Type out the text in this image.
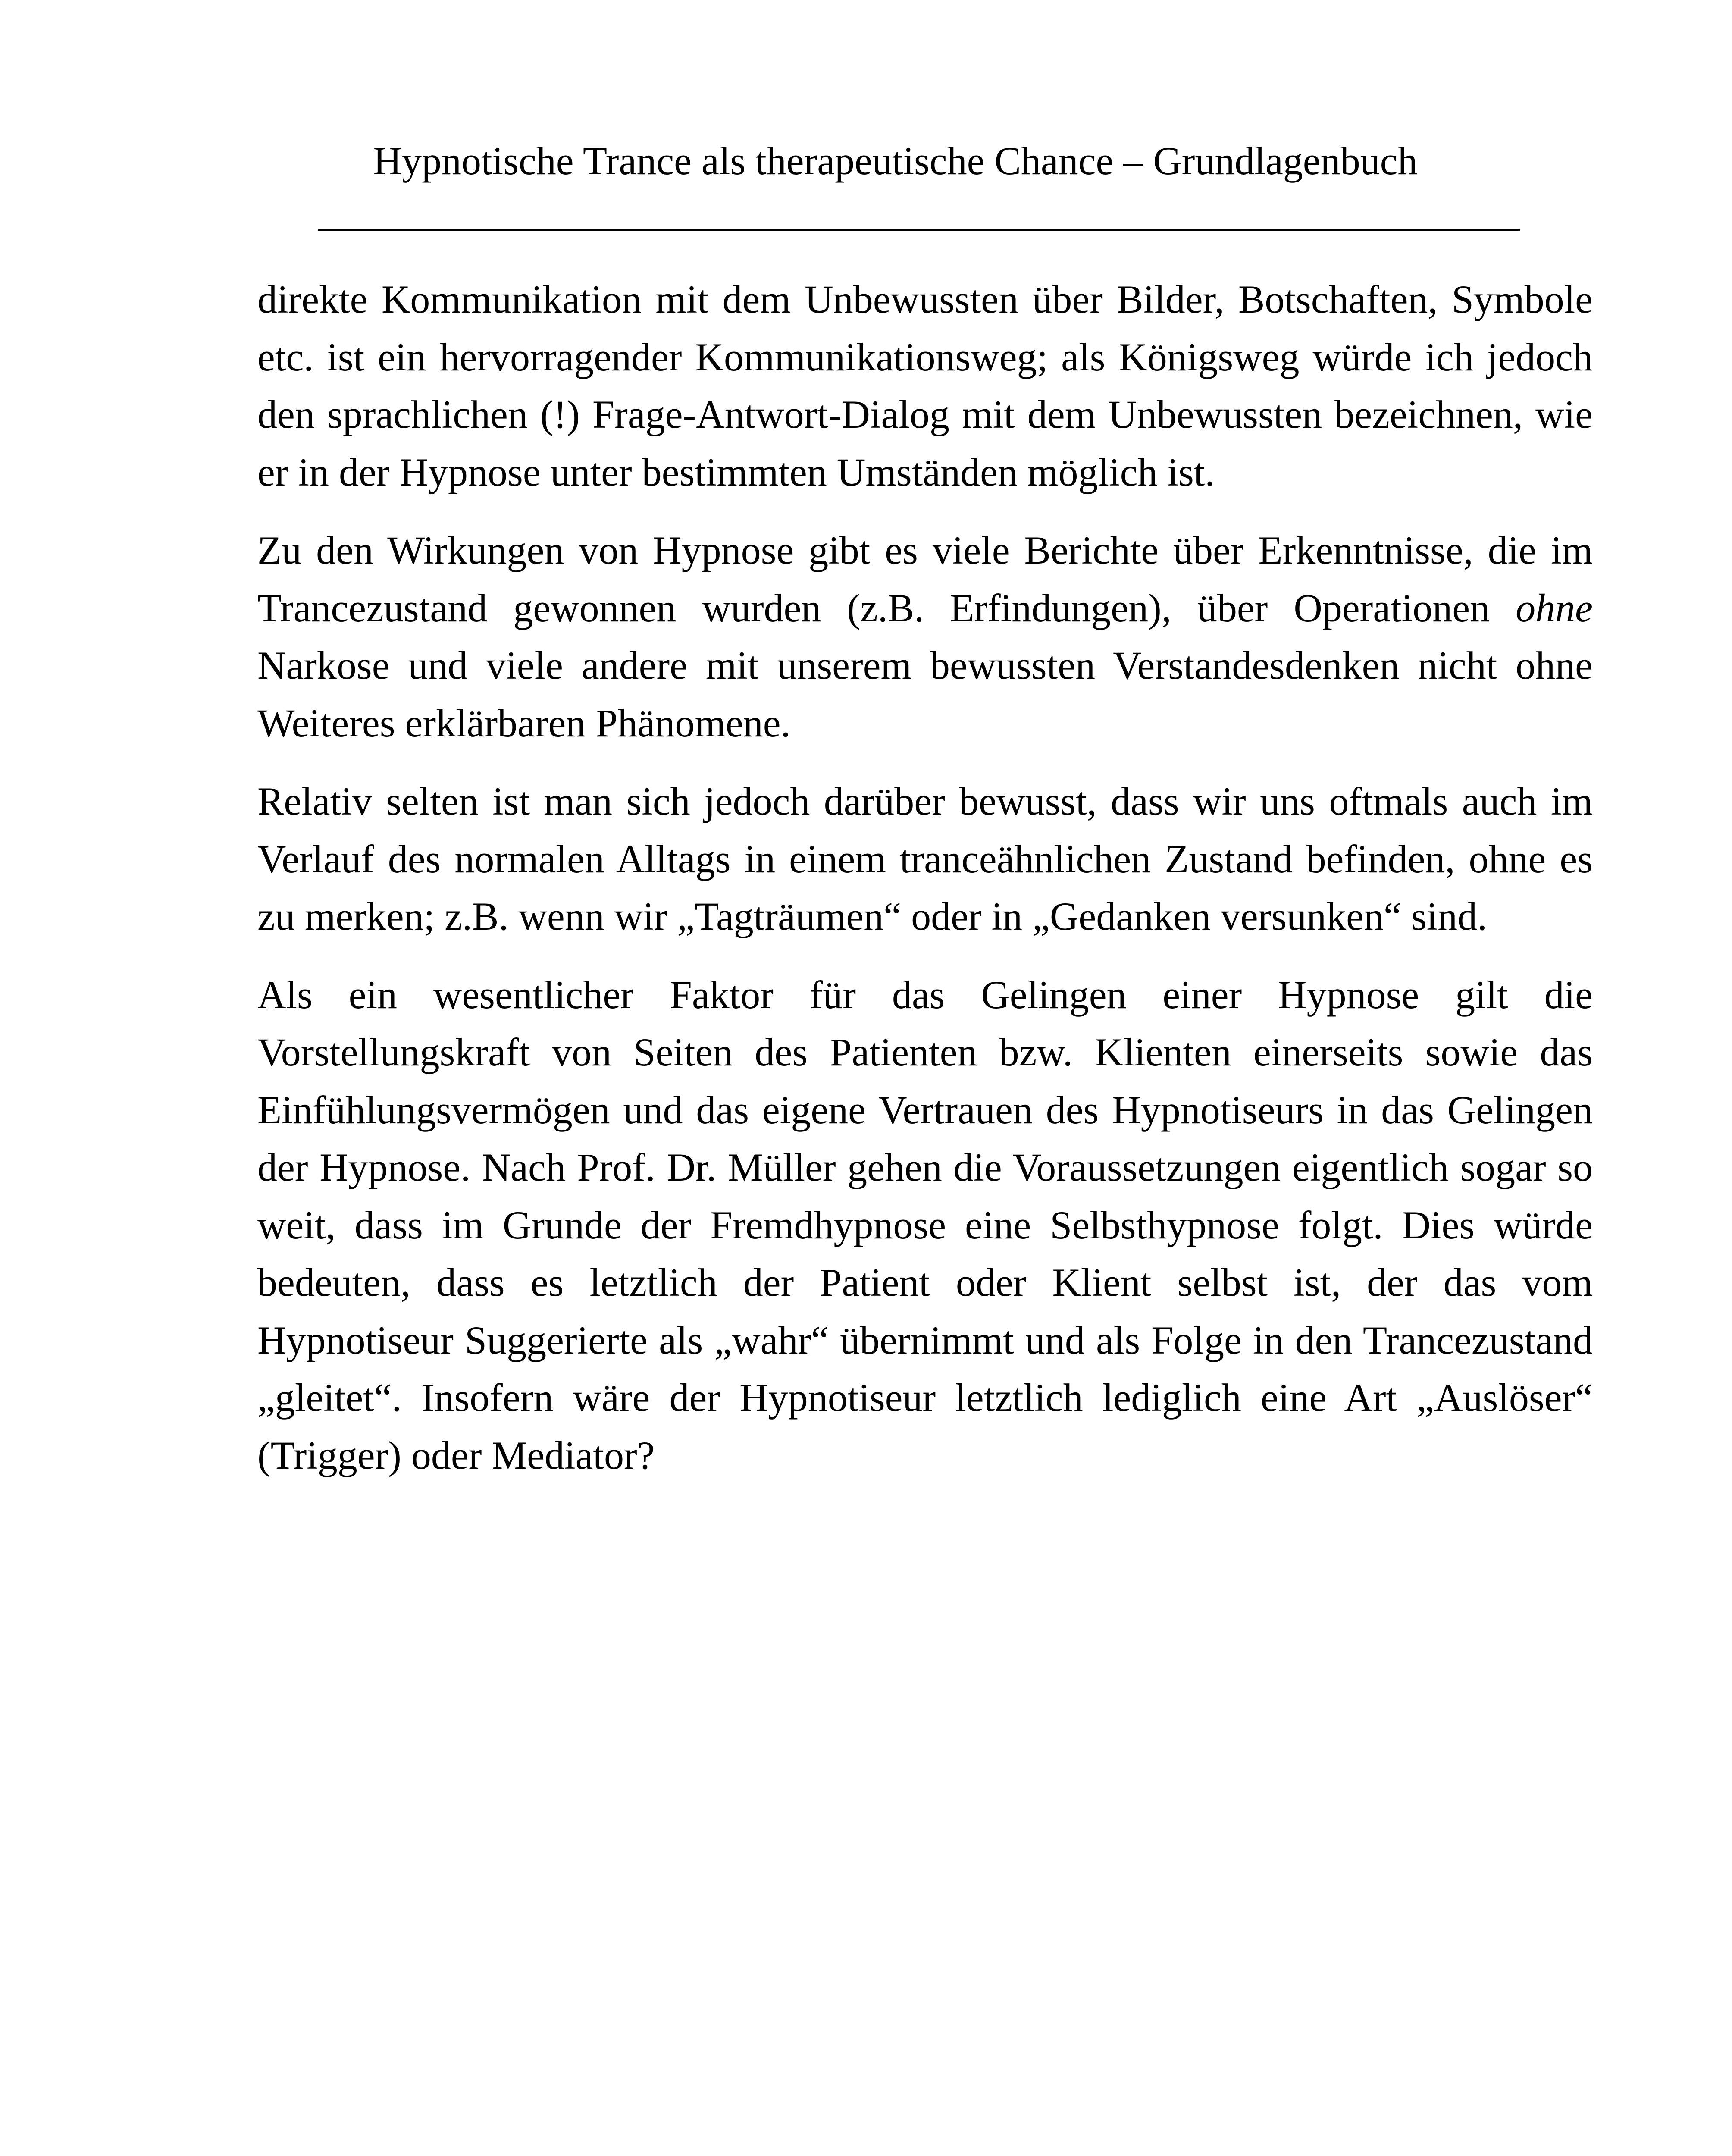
Hypnotische Trance als therapeutische Chance – Grundlagenbuch

direkte Kommunikation mit dem Unbewussten über Bilder, Botschaften, Symbole etc. ist ein hervorragender Kommunikationsweg; als Königsweg würde ich jedoch den sprachlichen (!) Frage-Antwort-Dialog mit dem Unbewussten bezeichnen, wie er in der Hypnose unter bestimmten Umständen möglich ist.

Zu den Wirkungen von Hypnose gibt es viele Berichte über Erkenntnisse, die im Trancezustand gewonnen wurden (z.B. Erfindungen), über Operationen ohne Narkose und viele andere mit unserem bewussten Verstandesdenken nicht ohne Weiteres erklärbaren Phänomene.

Relativ selten ist man sich jedoch darüber bewusst, dass wir uns oftmals auch im Verlauf des normalen Alltags in einem tranceähnlichen Zustand befinden, ohne es zu merken; z.B. wenn wir „Tagträumen“ oder in „Gedanken versunken“ sind.

Als ein wesentlicher Faktor für das Gelingen einer Hypnose gilt die Vorstellungskraft von Seiten des Patienten bzw. Klienten einerseits sowie das Einfühlungsvermögen und das eigene Vertrauen des Hypnotiseurs in das Gelingen der Hypnose. Nach Prof. Dr. Müller gehen die Voraussetzungen eigentlich sogar so weit, dass im Grunde der Fremdhypnose eine Selbsthypnose folgt. Dies würde bedeuten, dass es letztlich der Patient oder Klient selbst ist, der das vom Hypnotiseur Suggerierte als „wahr“ übernimmt und als Folge in den Trancezustand „gleitet“. Insofern wäre der Hypnotiseur letztlich lediglich eine Art „Auslöser“ (Trigger) oder Mediator?
